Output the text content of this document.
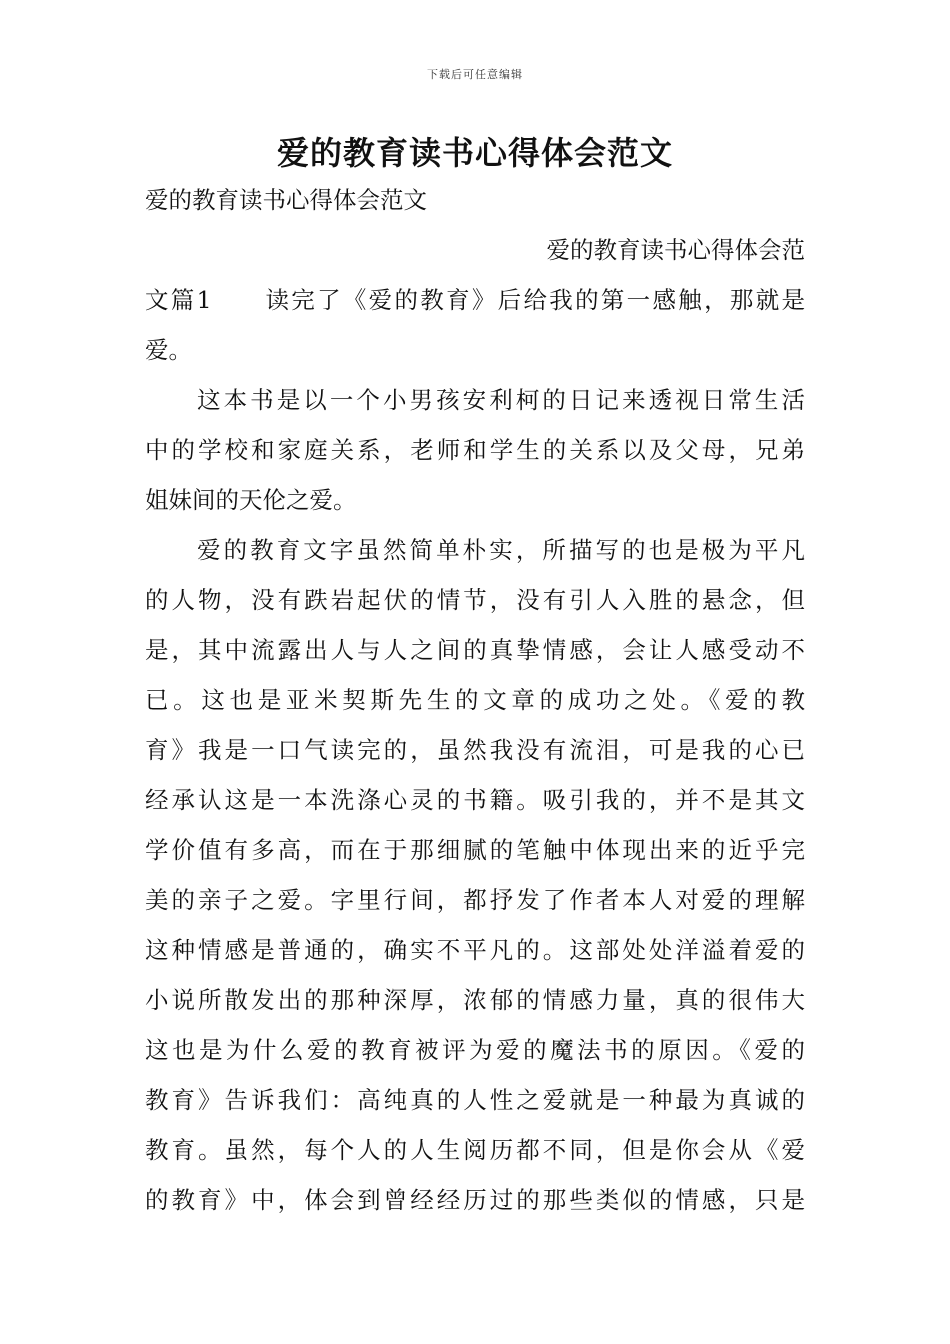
下载后可任意编辑
爱的教育读书心得体会范文
爱的教育读书心得体会范文
爱的教育读书心得体会范
文篇1　　读完了《爱的教育》后给我的第一感触，那就是
爱。
这本书是以一个小男孩安利柯的日记来透视日常生活
中的学校和家庭关系，老师和学生的关系以及父母，兄弟
姐妹间的天伦之爱。
爱的教育文字虽然简单朴实，所描写的也是极为平凡
的人物，没有跌岩起伏的情节，没有引人入胜的悬念，但
是，其中流露出人与人之间的真挚情感，会让人感受动不
已。这也是亚米契斯先生的文章的成功之处。《爱的教
育》我是一口气读完的，虽然我没有流泪，可是我的心已
经承认这是一本洗涤心灵的书籍。吸引我的，并不是其文
学价值有多高，而在于那细腻的笔触中体现出来的近乎完
美的亲子之爱。字里行间，都抒发了作者本人对爱的理解
这种情感是普通的，确实不平凡的。这部处处洋溢着爱的
小说所散发出的那种深厚，浓郁的情感力量，真的很伟大
这也是为什么爱的教育被评为爱的魔法书的原因。《爱的
教育》告诉我们：高纯真的人性之爱就是一种最为真诚的
教育。虽然，每个人的人生阅历都不同，但是你会从《爱
的教育》中，体会到曾经经历过的那些类似的情感，只是
